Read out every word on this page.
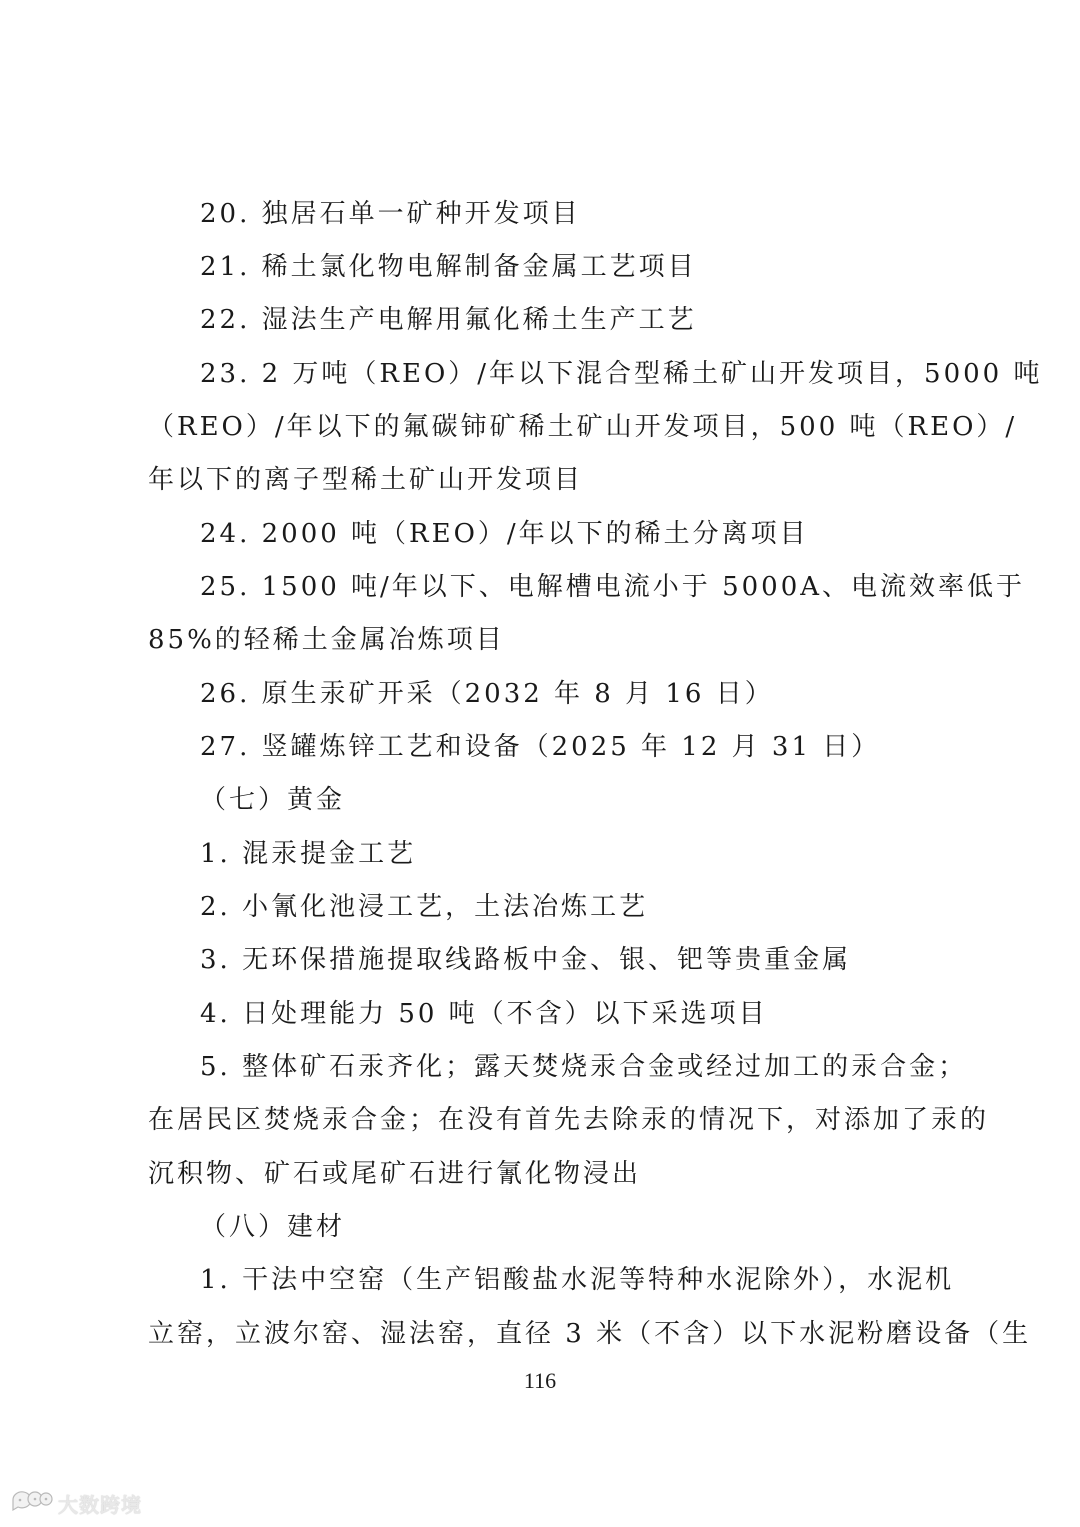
20. 独居石单一矿种开发项目
21. 稀土氯化物电解制备金属工艺项目
22. 湿法生产电解用氟化稀土生产工艺
23. 2 万吨（REO）/年以下混合型稀土矿山开发项目，5000 吨
（REO）/年以下的氟碳铈矿稀土矿山开发项目，500 吨（REO）/
年以下的离子型稀土矿山开发项目
24. 2000 吨（REO）/年以下的稀土分离项目
25. 1500 吨/年以下、电解槽电流小于 5000A、电流效率低于
85%的轻稀土金属冶炼项目
26. 原生汞矿开采（2032 年 8 月 16 日）
27. 竖罐炼锌工艺和设备（2025 年 12 月 31 日）
（七）黄金
1. 混汞提金工艺
2. 小氰化池浸工艺，土法冶炼工艺
3. 无环保措施提取线路板中金、银、钯等贵重金属
4. 日处理能力 50 吨（不含）以下采选项目
5. 整体矿石汞齐化；露天焚烧汞合金或经过加工的汞合金；
在居民区焚烧汞合金；在没有首先去除汞的情况下，对添加了汞的
沉积物、矿石或尾矿石进行氰化物浸出
（八）建材
1. 干法中空窑（生产铝酸盐水泥等特种水泥除外），水泥机
立窑，立波尔窑、湿法窑，直径 3 米（不含）以下水泥粉磨设备（生
116
大数跨境
